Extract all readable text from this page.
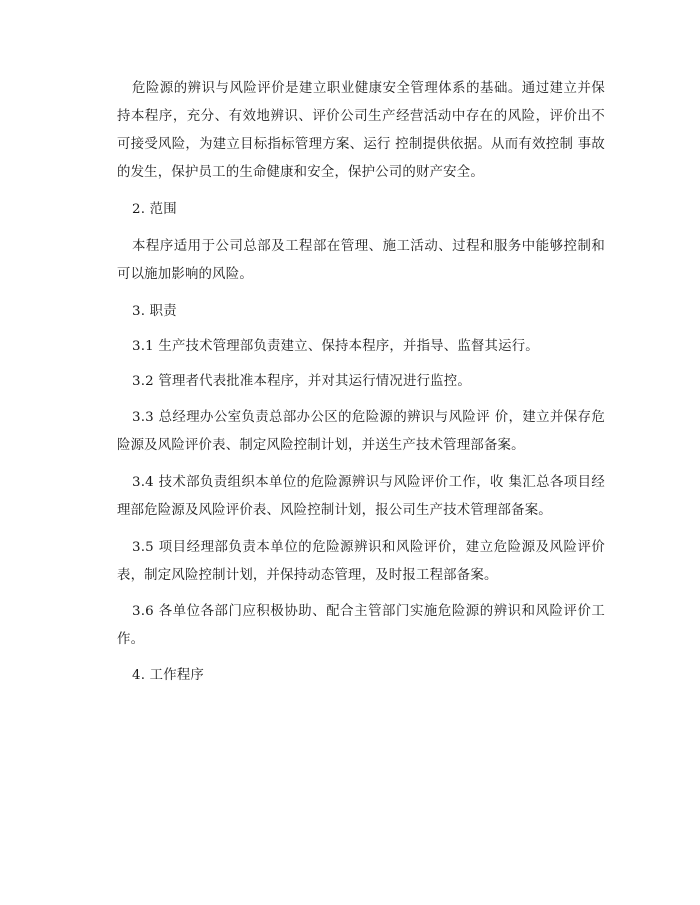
危险源的辨识与风险评价是建立职业健康安全管理体系的基础。通过建立并保持本程序，充分、有效地辨识、评价公司生产经营活动中存在的风险，评价出不可接受风险，为建立目标指标管理方案、运行 控制提供依据。从而有效控制 事故的发生，保护员工的生命健康和安全，保护公司的财产安全。

2. 范围

本程序适用于公司总部及工程部在管理、施工活动、过程和服务中能够控制和可以施加影响的风险。

3. 职责

3.1 生产技术管理部负责建立、保持本程序，并指导、监督其运行。

3.2 管理者代表批准本程序，并对其运行情况进行监控。

3.3 总经理办公室负责总部办公区的危险源的辨识与风险评 价，建立并保存危险源及风险评价表、制定风险控制计划，并送生产技术管理部备案。

3.4 技术部负责组织本单位的危险源辨识与风险评价工作，收 集汇总各项目经理部危险源及风险评价表、风险控制计划，报公司生产技术管理部备案。

3.5 项目经理部负责本单位的危险源辨识和风险评价，建立危险源及风险评价表，制定风险控制计划，并保持动态管理，及时报工程部备案。

3.6 各单位各部门应积极协助、配合主管部门实施危险源的辨识和风险评价工作。

4. 工作程序
